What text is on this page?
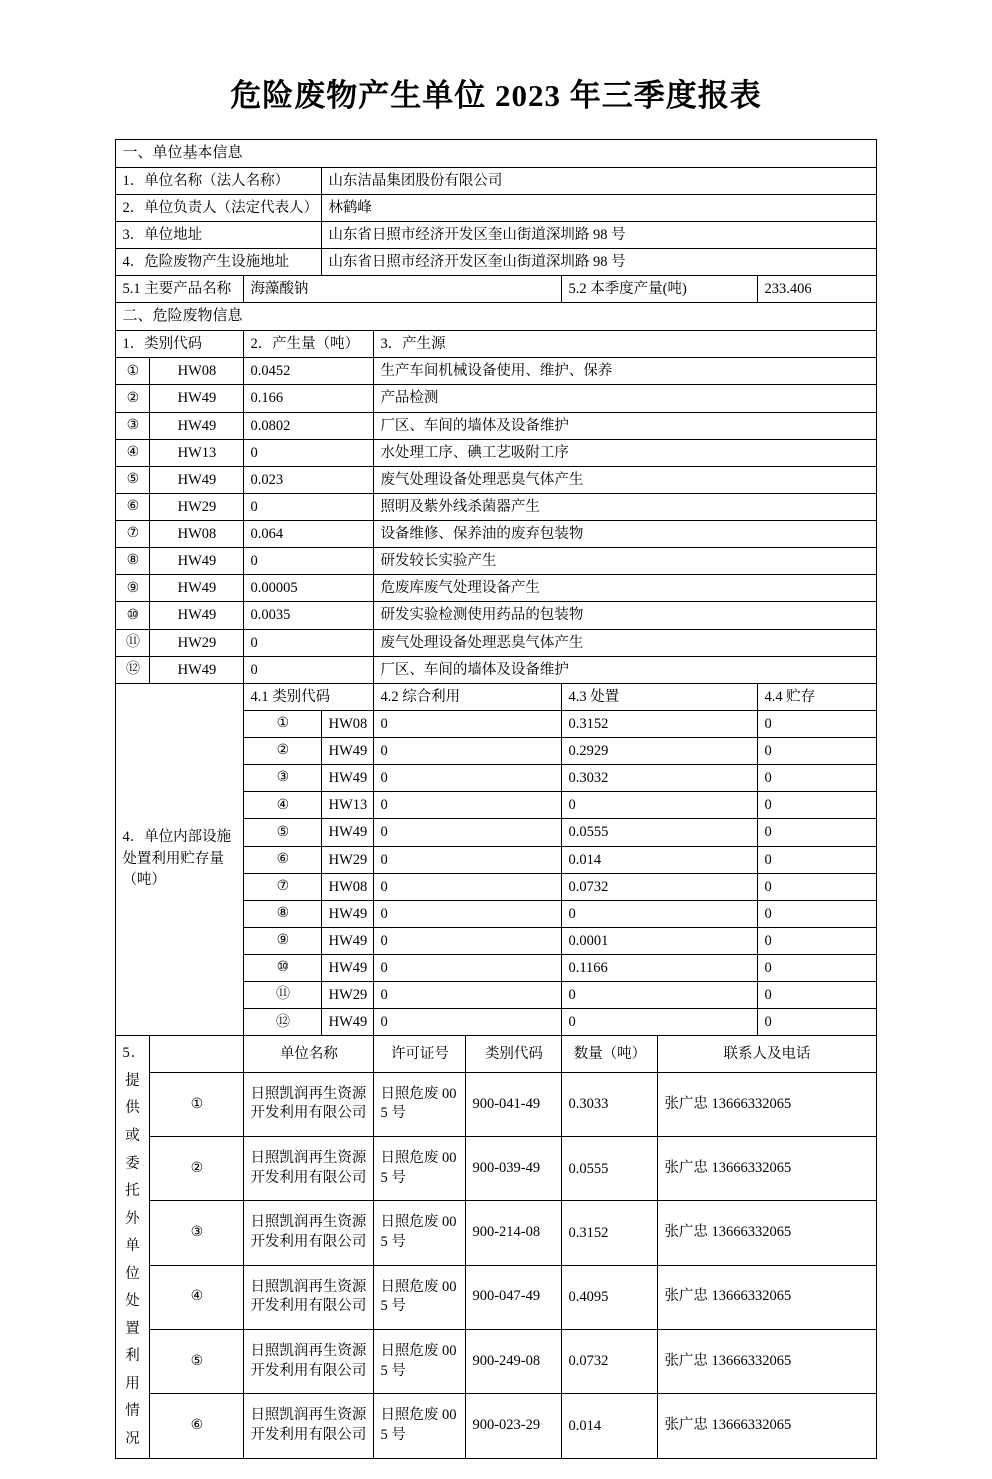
危险废物产生单位 2023 年三季度报表
一、单位基本信息								
1．单位名称（法人名称）			山东洁晶集团股份有限公司					
2．单位负责人（法定代表人）			林鹤峰					
3．单位地址			山东省日照市经济开发区奎山街道深圳路 98 号					
4．危险废物产生设施地址			山东省日照市经济开发区奎山街道深圳路 98 号					
5.1 主要产品名称		海藻酸钠				5.2 本季度产量(吨)		233.406
二、危险废物信息								
1．类别代码		2．产生量（吨）		3．产生源				
①	HW08	0.0452		生产车间机械设备使用、维护、保养				
②	HW49	0.166		产品检测				
③	HW49	0.0802		厂区、车间的墙体及设备维护				
④	HW13	0		水处理工序、碘工艺吸附工序				
⑤	HW49	0.023		废气处理设备处理恶臭气体产生				
⑥	HW29	0		照明及紫外线杀菌器产生				
⑦	HW08	0.064		设备维修、保养油的废弃包装物				
⑧	HW49	0		研发较长实验产生				
⑨	HW49	0.00005		危废库废气处理设备产生				
⑩	HW49	0.0035		研发实验检测使用药品的包装物				
⑪	HW29	0		废气处理设备处理恶臭气体产生				
⑫	HW49	0		厂区、车间的墙体及设备维护				
4．单位内部设施处置利用贮存量（吨）		4.1 类别代码		4.2 综合利用		4.3 处置		4.4 贮存
		①	HW08	0		0.3152		0
		②	HW49	0		0.2929		0
		③	HW49	0		0.3032		0
		④	HW13	0		0		0
		⑤	HW49	0		0.0555		0
		⑥	HW29	0		0.014		0
		⑦	HW08	0		0.0732		0
		⑧	HW49	0		0		0
		⑨	HW49	0		0.0001		0
		⑩	HW49	0		0.1166		0
		⑪	HW29	0		0		0
		⑫	HW49	0		0		0
5．提供或委托外单位处置利用情况		单位名称		许可证号	类别代码	数量（吨）	联系人及电话	
	①	日照凯润再生资源开发利用有限公司		日照危废 005 号	900-041-49	0.3033	张广忠 13666332065	
	②	日照凯润再生资源开发利用有限公司		日照危废 005 号	900-039-49	0.0555	张广忠 13666332065	
	③	日照凯润再生资源开发利用有限公司		日照危废 005 号	900-214-08	0.3152	张广忠 13666332065	
	④	日照凯润再生资源开发利用有限公司		日照危废 005 号	900-047-49	0.4095	张广忠 13666332065	
	⑤	日照凯润再生资源开发利用有限公司		日照危废 005 号	900-249-08	0.0732	张广忠 13666332065	
	⑥	日照凯润再生资源开发利用有限公司		日照危废 005 号	900-023-29	0.014	张广忠 13666332065	
